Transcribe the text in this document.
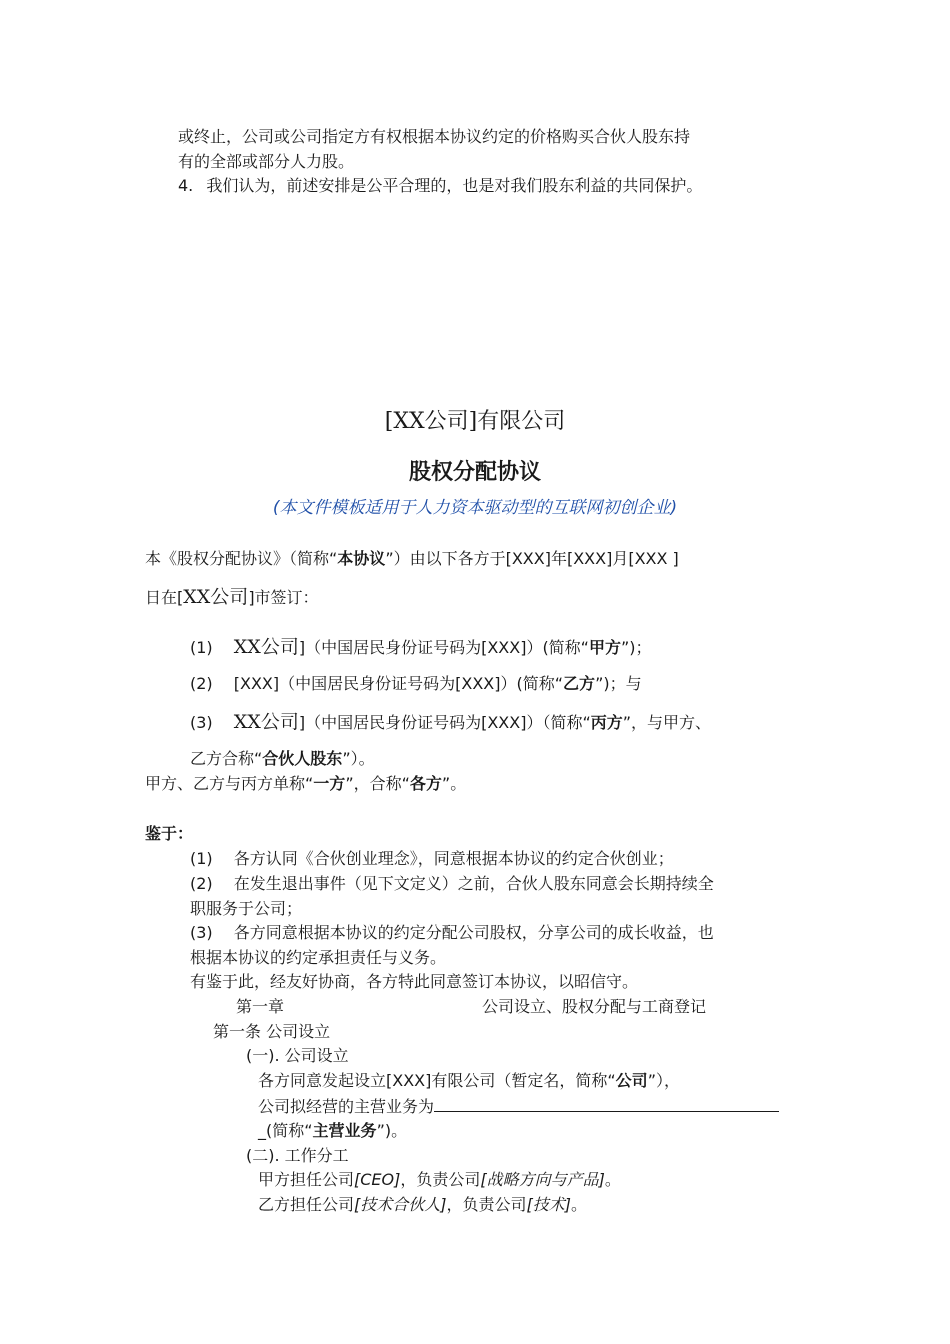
或终止，公司或公司指定方有权根据本协议约定的价格购买合伙人股东持
有的全部或部分人力股。
4. 我们认为，前述安排是公平合理的，也是对我们股东利益的共同保护。
[XX公司]有限公司
股权分配协议
(本文件模板适用于人力资本驱动型的互联网初创企业)
本《股权分配协议》（简称“本协议”）由以下各方于[XXX]年[XXX]月[XXX ]
日在[XX公司]市签订：
(1) XX公司]（中国居民身份证号码为[XXX]）(简称“甲方”)；
(2) [XXX]（中国居民身份证号码为[XXX]）(简称“乙方”)；与
(3) XX公司]（中国居民身份证号码为[XXX]）（简称“丙方”，与甲方、
乙方合称“合伙人股东”）。
甲方、乙方与丙方单称“一方”，合称“各方”。
鉴于：
(1) 各方认同《合伙创业理念》，同意根据本协议的约定合伙创业；
(2) 在发生退出事件（见下文定义）之前，合伙人股东同意会长期持续全
职服务于公司；
(3) 各方同意根据本协议的约定分配公司股权，分享公司的成长收益，也
根据本协议的约定承担责任与义务。
有鉴于此，经友好协商，各方特此同意签订本协议，以昭信守。
第一章	公司设立、股权分配与工商登记
第一条 公司设立
(一). 公司设立
各方同意发起设立[XXX]有限公司（暂定名，简称“公司”），
公司拟经营的主营业务为
_(简称“主营业务”)。
(二). 工作分工
甲方担任公司[CEO]，负责公司[战略方向与产品]。
乙方担任公司[技术合伙人]，负责公司[技术]。
